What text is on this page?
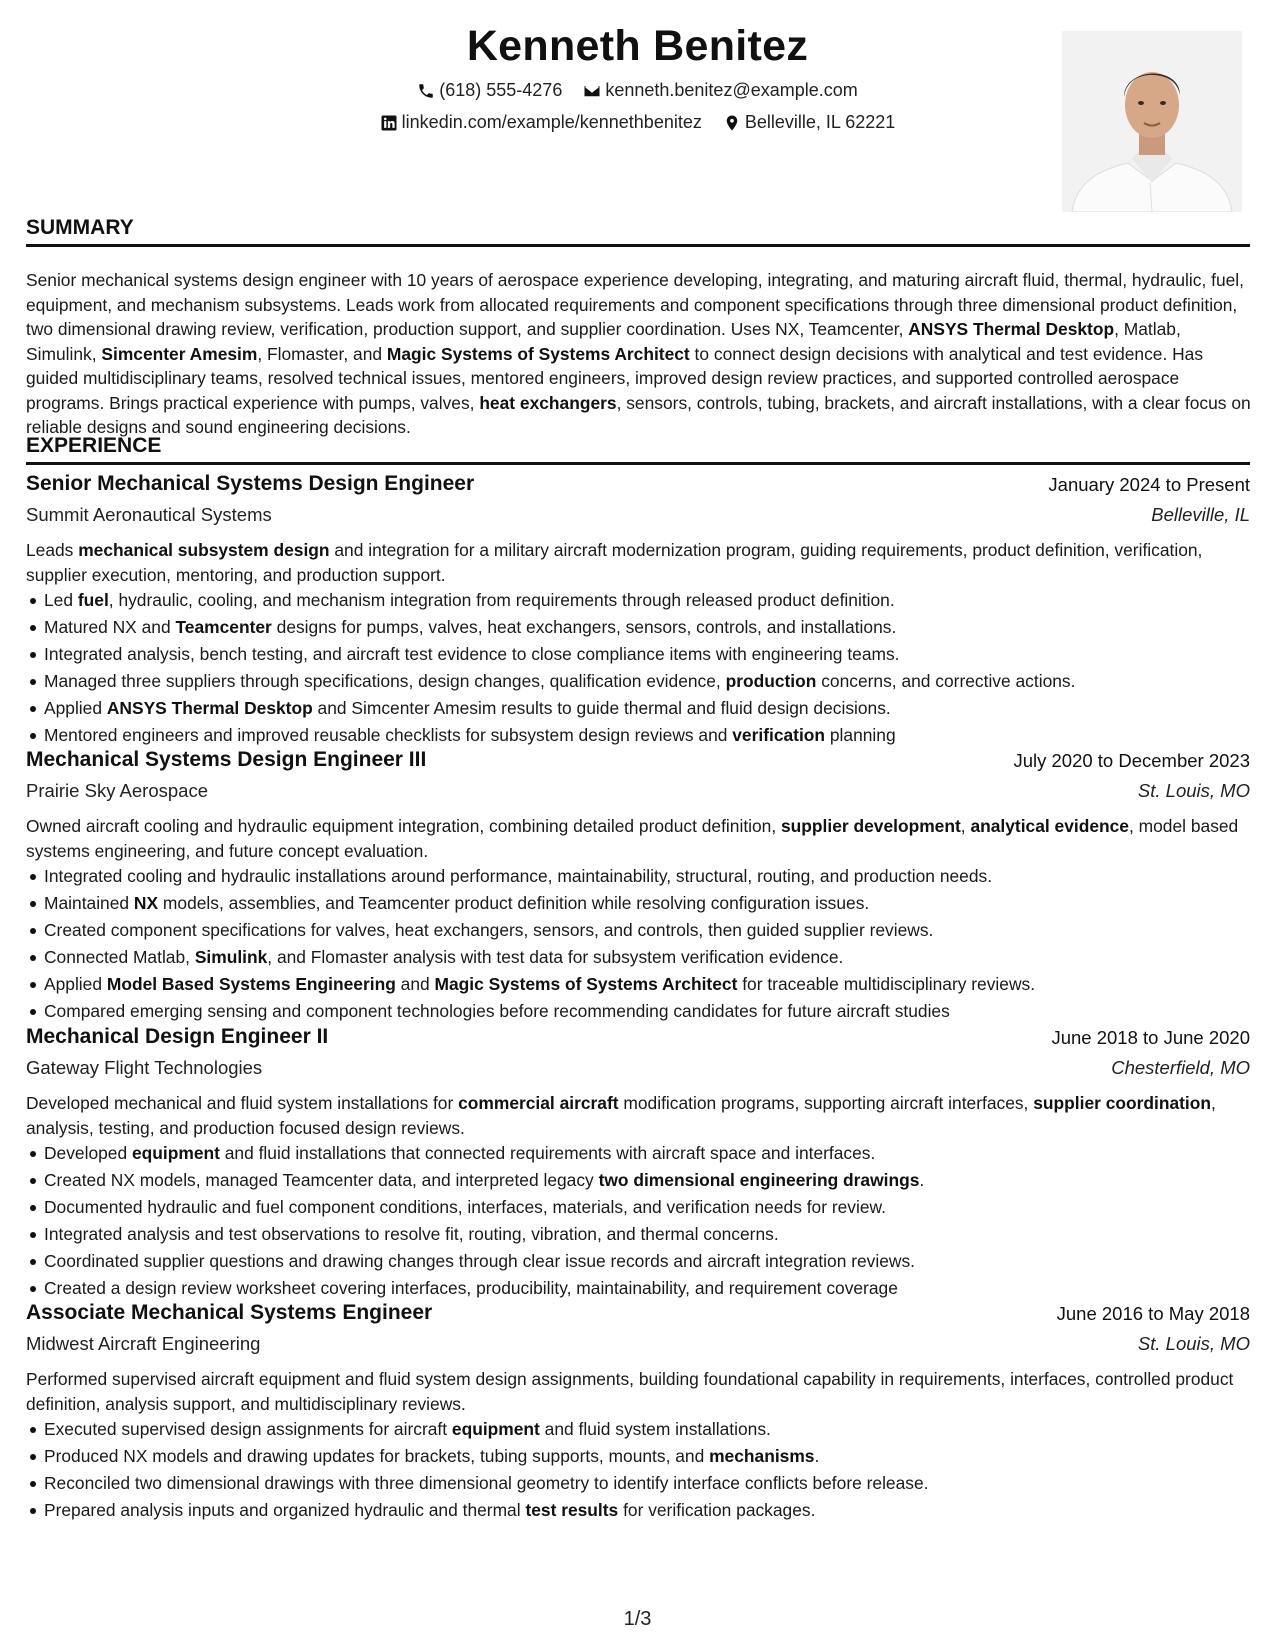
Kenneth Benitez
(618) 555-4276
kenneth.benitez@example.com
linkedin.com/example/kennethbenitez
Belleville, IL 62221
SUMMARY
Senior mechanical systems design engineer with 10 years of aerospace experience developing, integrating, and maturing aircraft fluid, thermal, hydraulic, fuel, equipment, and mechanism subsystems. Leads work from allocated requirements and component specifications through three dimensional product definition, two dimensional drawing review, verification, production support, and supplier coordination. Uses NX, Teamcenter, ANSYS Thermal Desktop, Matlab, Simulink, Simcenter Amesim, Flomaster, and Magic Systems of Systems Architect to connect design decisions with analytical and test evidence. Has guided multidisciplinary teams, resolved technical issues, mentored engineers, improved design review practices, and supported controlled aerospace programs. Brings practical experience with pumps, valves, heat exchangers, sensors, controls, tubing, brackets, and aircraft installations, with a clear focus on reliable designs and sound engineering decisions.
EXPERIENCE
Senior Mechanical Systems Design Engineer	January 2024 to Present
Summit Aeronautical Systems	Belleville, IL
Leads mechanical subsystem design and integration for a military aircraft modernization program, guiding requirements, product definition, verification, supplier execution, mentoring, and production support.
Led fuel, hydraulic, cooling, and mechanism integration from requirements through released product definition.
Matured NX and Teamcenter designs for pumps, valves, heat exchangers, sensors, controls, and installations.
Integrated analysis, bench testing, and aircraft test evidence to close compliance items with engineering teams.
Managed three suppliers through specifications, design changes, qualification evidence, production concerns, and corrective actions.
Applied ANSYS Thermal Desktop and Simcenter Amesim results to guide thermal and fluid design decisions.
Mentored engineers and improved reusable checklists for subsystem design reviews and verification planning
Mechanical Systems Design Engineer III	July 2020 to December 2023
Prairie Sky Aerospace	St. Louis, MO
Owned aircraft cooling and hydraulic equipment integration, combining detailed product definition, supplier development, analytical evidence, model based systems engineering, and future concept evaluation.
Integrated cooling and hydraulic installations around performance, maintainability, structural, routing, and production needs.
Maintained NX models, assemblies, and Teamcenter product definition while resolving configuration issues.
Created component specifications for valves, heat exchangers, sensors, and controls, then guided supplier reviews.
Connected Matlab, Simulink, and Flomaster analysis with test data for subsystem verification evidence.
Applied Model Based Systems Engineering and Magic Systems of Systems Architect for traceable multidisciplinary reviews.
Compared emerging sensing and component technologies before recommending candidates for future aircraft studies
Mechanical Design Engineer II	June 2018 to June 2020
Gateway Flight Technologies	Chesterfield, MO
Developed mechanical and fluid system installations for commercial aircraft modification programs, supporting aircraft interfaces, supplier coordination, analysis, testing, and production focused design reviews.
Developed equipment and fluid installations that connected requirements with aircraft space and interfaces.
Created NX models, managed Teamcenter data, and interpreted legacy two dimensional engineering drawings.
Documented hydraulic and fuel component conditions, interfaces, materials, and verification needs for review.
Integrated analysis and test observations to resolve fit, routing, vibration, and thermal concerns.
Coordinated supplier questions and drawing changes through clear issue records and aircraft integration reviews.
Created a design review worksheet covering interfaces, producibility, maintainability, and requirement coverage
Associate Mechanical Systems Engineer	June 2016 to May 2018
Midwest Aircraft Engineering	St. Louis, MO
Performed supervised aircraft equipment and fluid system design assignments, building foundational capability in requirements, interfaces, controlled product definition, analysis support, and multidisciplinary reviews.
Executed supervised design assignments for aircraft equipment and fluid system installations.
Produced NX models and drawing updates for brackets, tubing supports, mounts, and mechanisms.
Reconciled two dimensional drawings with three dimensional geometry to identify interface conflicts before release.
Prepared analysis inputs and organized hydraulic and thermal test results for verification packages.
1/3
